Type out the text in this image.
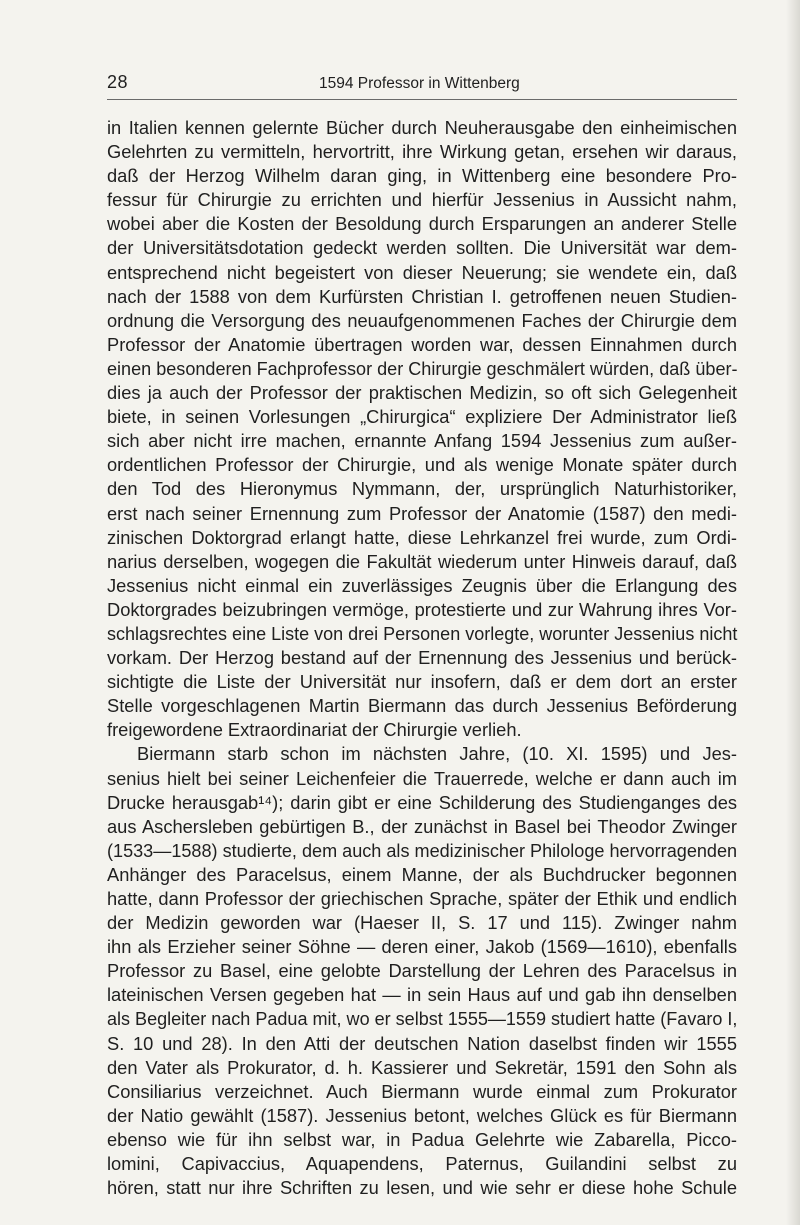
28	1594 Professor in Wittenberg
in Italien kennen gelernte Bücher durch Neuherausgabe den einheimischen
Gelehrten zu vermitteln, hervortritt, ihre Wirkung getan, ersehen wir daraus,
daß der Herzog Wilhelm daran ging, in Wittenberg eine besondere Pro-
fessur für Chirurgie zu errichten und hierfür Jessenius in Aussicht nahm,
wobei aber die Kosten der Besoldung durch Ersparungen an anderer Stelle
der Universitätsdotation gedeckt werden sollten. Die Universität war dem-
entsprechend nicht begeistert von dieser Neuerung; sie wendete ein, daß
nach der 1588 von dem Kurfürsten Christian I. getroffenen neuen Studien-
ordnung die Versorgung des neuaufgenommenen Faches der Chirurgie dem
Professor der Anatomie übertragen worden war, dessen Einnahmen durch
einen besonderen Fachprofessor der Chirurgie geschmälert würden, daß über-
dies ja auch der Professor der praktischen Medizin, so oft sich Gelegenheit
biete, in seinen Vorlesungen „Chirurgica“ expliziere Der Administrator ließ
sich aber nicht irre machen, ernannte Anfang 1594 Jessenius zum außer-
ordentlichen Professor der Chirurgie, und als wenige Monate später durch
den Tod des Hieronymus Nymmann, der, ursprünglich Naturhistoriker,
erst nach seiner Ernennung zum Professor der Anatomie (1587) den medi-
zinischen Doktorgrad erlangt hatte, diese Lehrkanzel frei wurde, zum Ordi-
narius derselben, wogegen die Fakultät wiederum unter Hinweis darauf, daß
Jessenius nicht einmal ein zuverlässiges Zeugnis über die Erlangung des
Doktorgrades beizubringen vermöge, protestierte und zur Wahrung ihres Vor-
schlagsrechtes eine Liste von drei Personen vorlegte, worunter Jessenius nicht
vorkam. Der Herzog bestand auf der Ernennung des Jessenius und berück-
sichtigte die Liste der Universität nur insofern, daß er dem dort an erster
Stelle vorgeschlagenen Martin Biermann das durch Jessenius Beförderung
freigewordene Extraordinariat der Chirurgie verlieh.
Biermann starb schon im nächsten Jahre, (10. XI. 1595) und Jes-
senius hielt bei seiner Leichenfeier die Trauerrede, welche er dann auch im
Drucke herausgab¹⁴); darin gibt er eine Schilderung des Studienganges des
aus Aschersleben gebürtigen B., der zunächst in Basel bei Theodor Zwinger
(1533—1588) studierte, dem auch als medizinischer Philologe hervorragenden
Anhänger des Paracelsus, einem Manne, der als Buchdrucker begonnen
hatte, dann Professor der griechischen Sprache, später der Ethik und endlich
der Medizin geworden war (Haeser II, S. 17 und 115). Zwinger nahm
ihn als Erzieher seiner Söhne — deren einer, Jakob (1569—1610), ebenfalls
Professor zu Basel, eine gelobte Darstellung der Lehren des Paracelsus in
lateinischen Versen gegeben hat — in sein Haus auf und gab ihn denselben
als Begleiter nach Padua mit, wo er selbst 1555—1559 studiert hatte (Favaro I,
S. 10 und 28). In den Atti der deutschen Nation daselbst finden wir 1555
den Vater als Prokurator, d. h. Kassierer und Sekretär, 1591 den Sohn als
Consiliarius verzeichnet. Auch Biermann wurde einmal zum Prokurator
der Natio gewählt (1587). Jessenius betont, welches Glück es für Biermann
ebenso wie für ihn selbst war, in Padua Gelehrte wie Zabarella, Picco-
lomini, Capivaccius, Aquapendens, Paternus, Guilandini selbst zu
hören, statt nur ihre Schriften zu lesen, und wie sehr er diese hohe Schule
